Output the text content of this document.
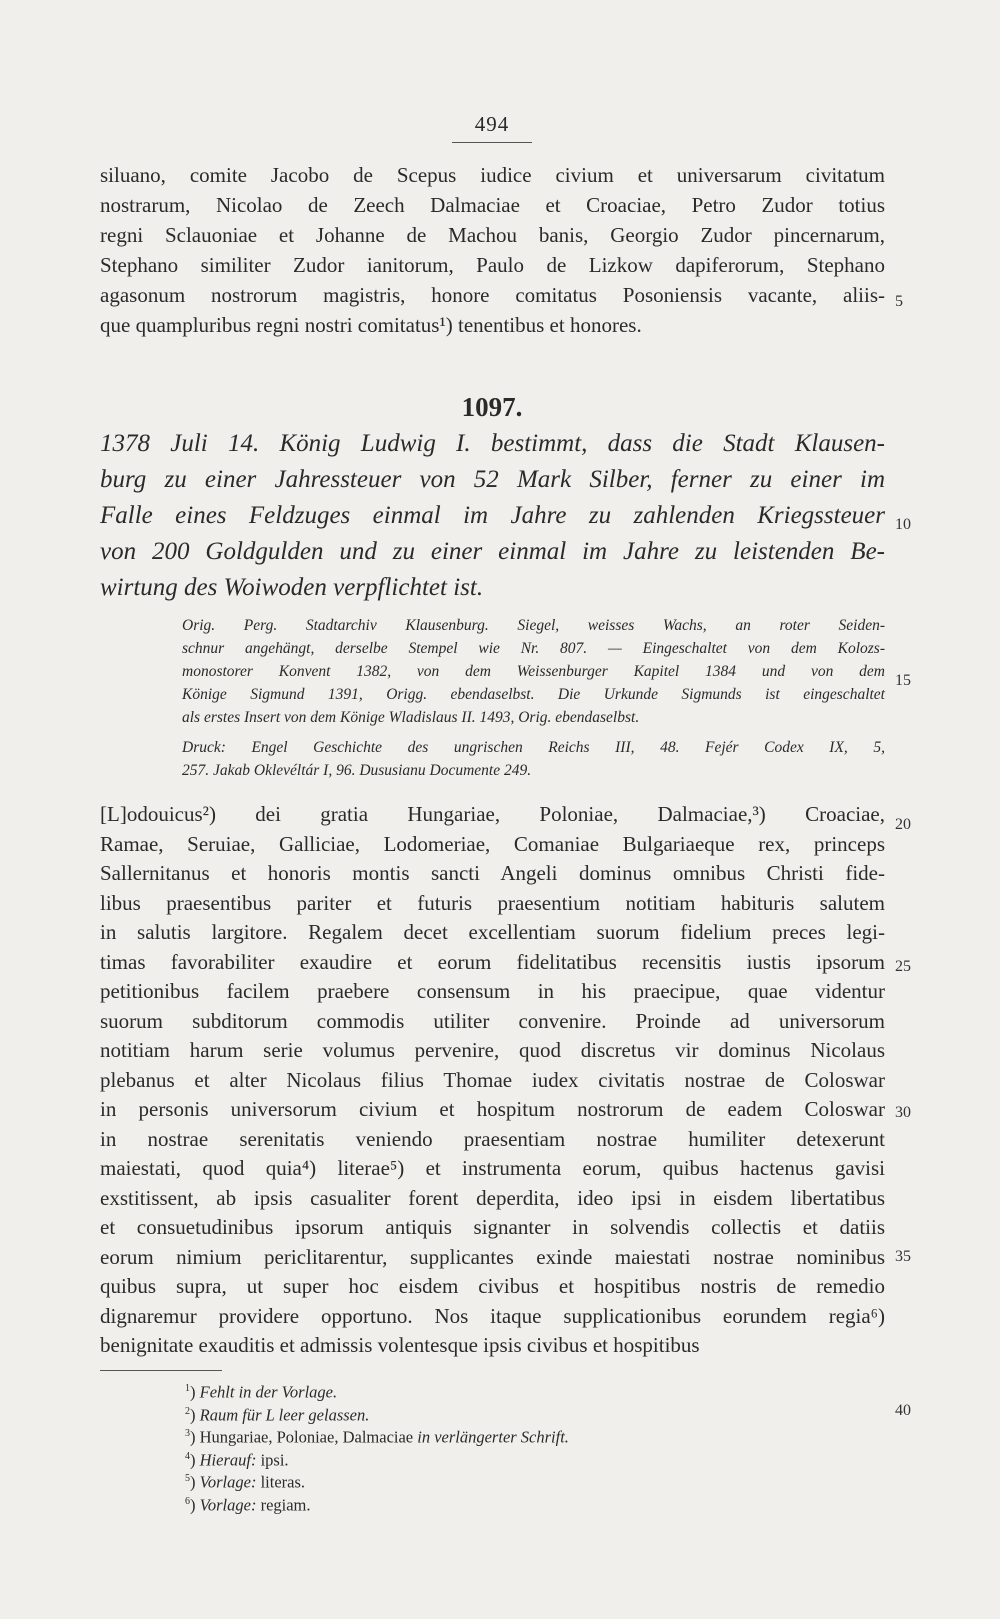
494
siluano, comite Jacobo de Scepus iudice civium et universarum civitatum
nostrarum, Nicolao de Zeech Dalmaciae et Croaciae, Petro Zudor totius
regni Sclauoniae et Johanne de Machou banis, Georgio Zudor pincernarum,
Stephano similiter Zudor ianitorum, Paulo de Lizkow dapiferorum, Stephano
agasonum nostrorum magistris, honore comitatus Posoniensis vacante, aliis-
que quampluribus regni nostri comitatus¹) tenentibus et honores.
1097.
1378 Juli 14. König Ludwig I. bestimmt, dass die Stadt Klausen-
burg zu einer Jahressteuer von 52 Mark Silber, ferner zu einer im
Falle eines Feldzuges einmal im Jahre zu zahlenden Kriegssteuer
von 200 Goldgulden und zu einer einmal im Jahre zu leistenden Be-
wirtung des Woiwoden verpflichtet ist.
Orig. Perg. Stadtarchiv Klausenburg. Siegel, weisses Wachs, an roter Seiden-
schnur angehängt, derselbe Stempel wie Nr. 807. — Eingeschaltet von dem Kolozs-
monostorer Konvent 1382, von dem Weissenburger Kapitel 1384 und von dem
Könige Sigmund 1391, Origg. ebendaselbst. Die Urkunde Sigmunds ist eingeschaltet
als erstes Insert von dem Könige Wladislaus II. 1493, Orig. ebendaselbst.
Druck: Engel Geschichte des ungrischen Reichs III, 48. Fejér Codex IX, 5,
257. Jakab Oklevéltár I, 96. Dususianu Documente 249.
[L]odouicus²) dei gratia Hungariae, Poloniae, Dalmaciae,³) Croaciae,
Ramae, Seruiae, Galliciae, Lodomeriae, Comaniae Bulgariaeque rex, princeps
Sallernitanus et honoris montis sancti Angeli dominus omnibus Christi fide-
libus praesentibus pariter et futuris praesentium notitiam habituris salutem
in salutis largitore. Regalem decet excellentiam suorum fidelium preces legi-
timas favorabiliter exaudire et eorum fidelitatibus recensitis iustis ipsorum
petitionibus facilem praebere consensum in his praecipue, quae videntur
suorum subditorum commodis utiliter convenire. Proinde ad universorum
notitiam harum serie volumus pervenire, quod discretus vir dominus Nicolaus
plebanus et alter Nicolaus filius Thomae iudex civitatis nostrae de Coloswar
in personis universorum civium et hospitum nostrorum de eadem Coloswar
in nostrae serenitatis veniendo praesentiam nostrae humiliter detexerunt
maiestati, quod quia⁴) literae⁵) et instrumenta eorum, quibus hactenus gavisi
exstitissent, ab ipsis casualiter forent deperdita, ideo ipsi in eisdem libertatibus
et consuetudinibus ipsorum antiquis signanter in solvendis collectis et datiis
eorum nimium periclitarentur, supplicantes exinde maiestati nostrae nominibus
quibus supra, ut super hoc eisdem civibus et hospitibus nostris de remedio
dignaremur providere opportuno. Nos itaque supplicationibus eorundem regia⁶)
benignitate exauditis et admissis volentesque ipsis civibus et hospitibus
$^1$) Fehlt in der Vorlage.
$^2$) Raum für L leer gelassen.
$^3$) Hungariae, Poloniae, Dalmaciae in verlängerter Schrift.
$^4$) Hierauf: ipsi.
$^5$) Vorlage: literas.
$^6$) Vorlage: regiam.
5
10
15
20
25
30
35
40
